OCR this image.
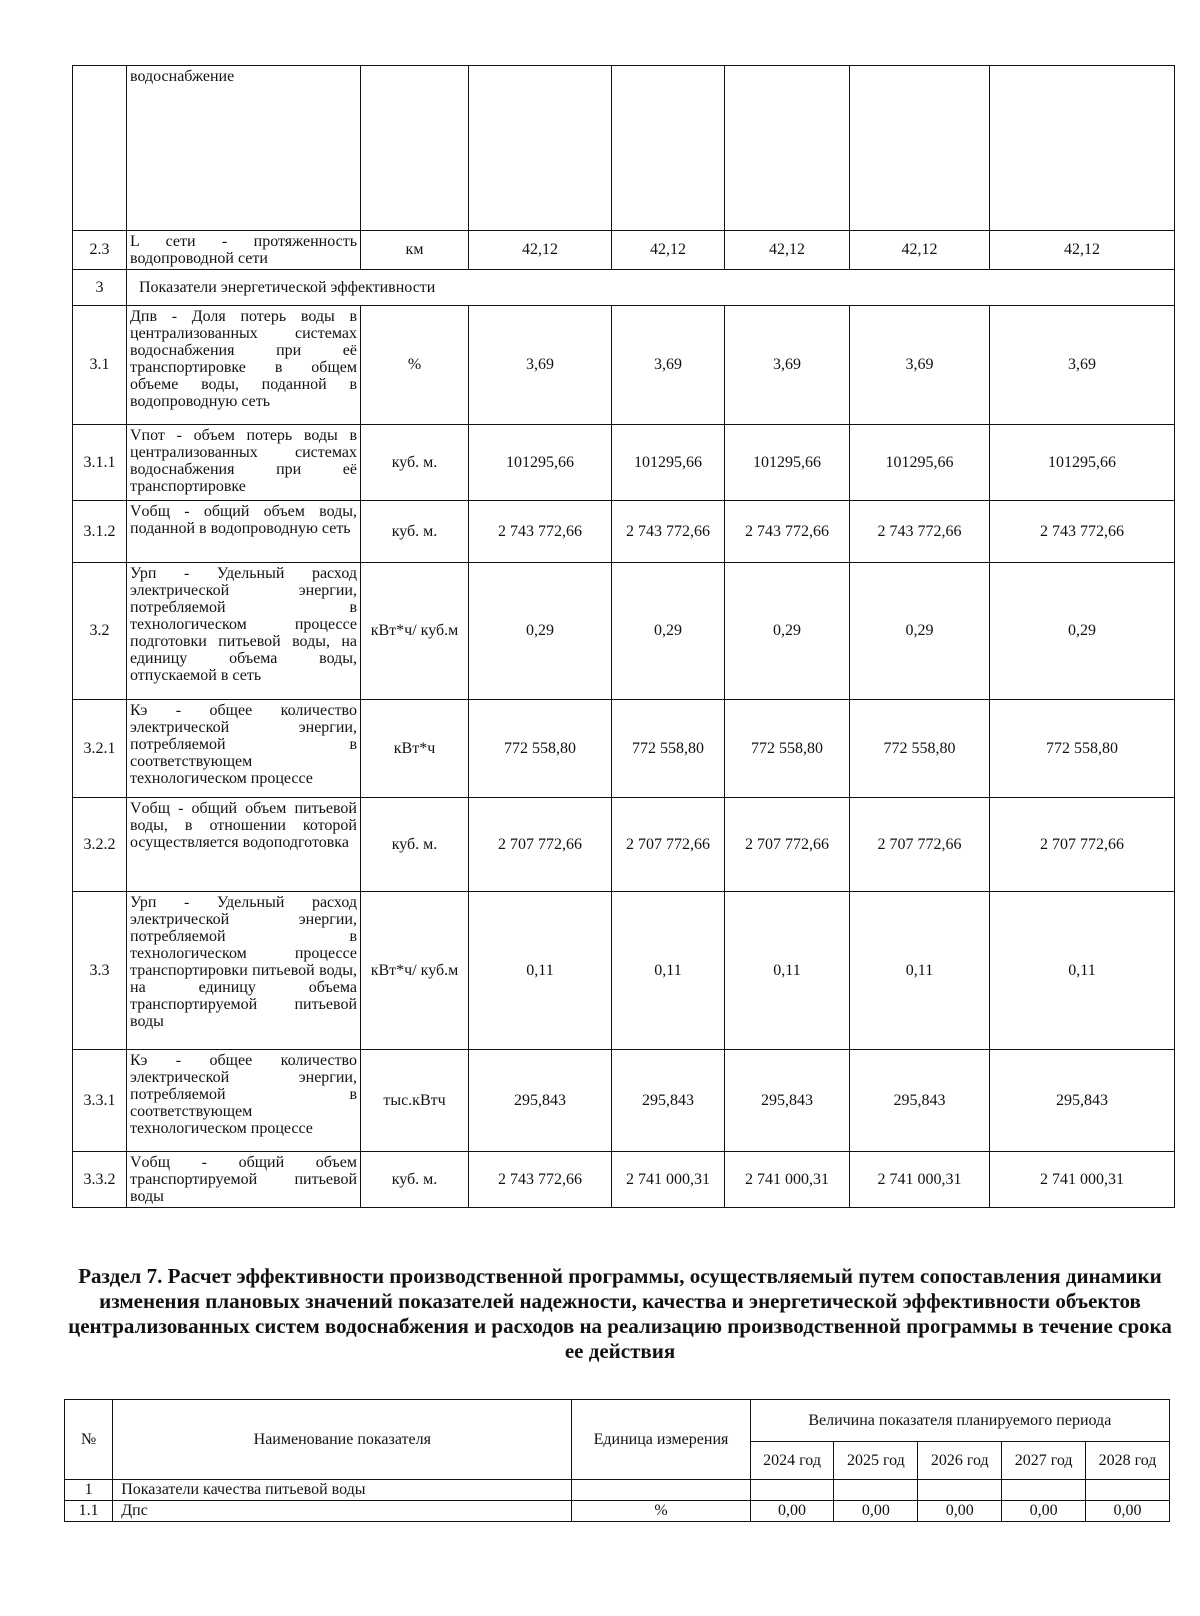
	водоснабжение						
2.3	L сети - протяженность водопроводной сети	км	42,12	42,12	42,12	42,12	42,12
3	Показатели энергетической эффективности						
3.1	Дпв - Доля потерь воды в централизованных системах водоснабжения при её транспортировке в общем объеме воды, поданной в водопроводную сеть	%	3,69	3,69	3,69	3,69	3,69
3.1.1	Vпот - объем потерь воды в централизованных системах водоснабжения при её транспортировке	куб. м.	101295,66	101295,66	101295,66	101295,66	101295,66
3.1.2	Vобщ - общий объем воды, поданной в водопроводную сеть	куб. м.	2 743 772,66	2 743 772,66	2 743 772,66	2 743 772,66	2 743 772,66
3.2	Урп - Удельный расход электрической энергии, потребляемой в технологическом процессе подготовки питьевой воды, на единицу объема воды, отпускаемой в сеть	кВт*ч/ куб.м	0,29	0,29	0,29	0,29	0,29
3.2.1	Кэ - общее количество электрической энергии, потребляемой в соответствующем технологическом процессе	кВт*ч	772 558,80	772 558,80	772 558,80	772 558,80	772 558,80
3.2.2	Vобщ - общий объем питьевой воды, в отношении которой осуществляется водоподготовка	куб. м.	2 707 772,66	2 707 772,66	2 707 772,66	2 707 772,66	2 707 772,66
3.3	Урп - Удельный расход электрической энергии, потребляемой в технологическом процессе транспортировки питьевой воды, на единицу объема транспортируемой питьевой воды	кВт*ч/ куб.м	0,11	0,11	0,11	0,11	0,11
3.3.1	Кэ - общее количество электрической энергии, потребляемой в соответствующем технологическом процессе	тыс.кВтч	295,843	295,843	295,843	295,843	295,843
3.3.2	Vобщ - общий объем транспортируемой питьевой воды	куб. м.	2 743 772,66	2 741 000,31	2 741 000,31	2 741 000,31	2 741 000,31
Раздел 7. Расчет эффективности производственной программы, осуществляемый путем сопоставления динамики изменения плановых значений показателей надежности, качества и энергетической эффективности объектов централизованных систем водоснабжения и расходов на реализацию производственной программы в течение срока ее действия
№	Наименование показателя	Единица измерения	Величина показателя планируемого периода				
			2024 год	2025 год	2026 год	2027 год	2028 год
1	Показатели качества питьевой воды						
1.1	Дпс	%	0,00	0,00	0,00	0,00	0,00
